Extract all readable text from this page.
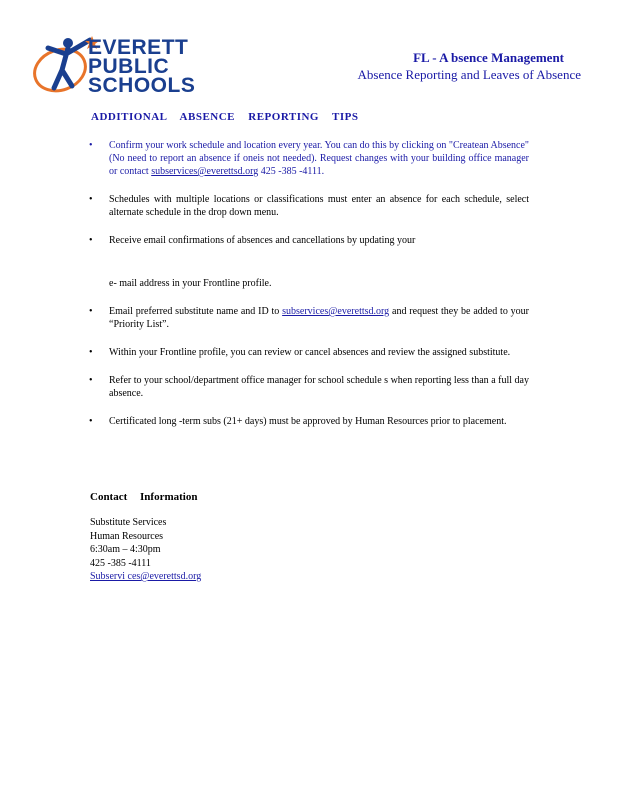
EVERETT
PUBLIC
SCHOOLS
FL - A bsence Management
Absence Reporting and Leaves of Absence
ADDITIONAL ABSENCE REPORTING TIPS
• Confirm your work schedule and location every year. You can do this by clicking on "Createan Absence" (No need to report an absence if oneis not needed). Request changes with your building office manager or contact subservices@everettsd.org 425 -385 -4111.
• Schedules with multiple locations or classifications must enter an absence for each schedule, select alternate schedule in the drop down menu.
• Receive email confirmations of absences and cancellations by updating your
e- mail address in your Frontline profile.
• Email preferred substitute name and ID to subservices@everettsd.org and request they be added to your “Priority List”.
• Within your Frontline profile, you can review or cancel absences and review the assigned substitute.
• Refer to your school/department office manager for school schedule s when reporting less than a full day absence.
• Certificated long -term subs (21+ days) must be approved by Human Resources prior to placement.
Contact Information
Substitute Services
Human Resources
6:30am – 4:30pm
425 -385 -4111
Subservi ces@everettsd.org
